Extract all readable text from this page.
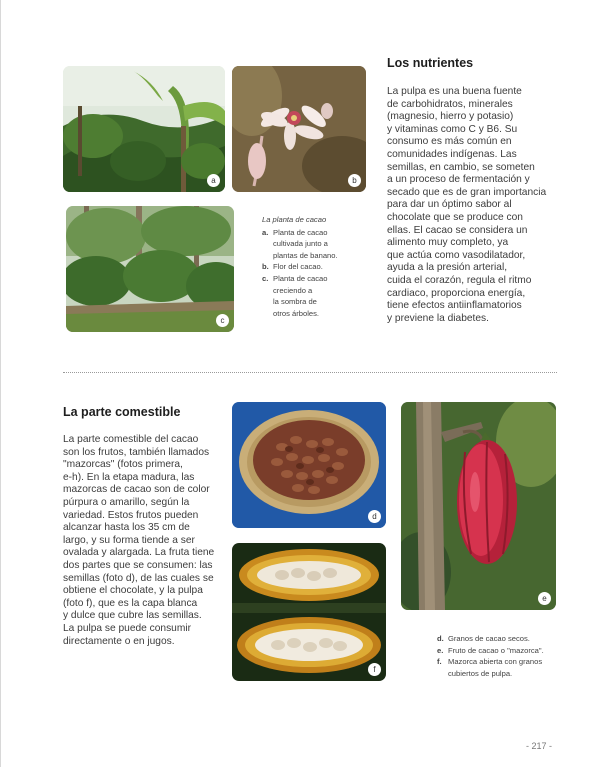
a	b
c
La planta de cacao
a. Planta de cacao
cultivada junto a
plantas de banano.
b. Flor del cacao.
c. Planta de cacao
creciendo a
la sombra de
otros árboles.
Los nutrientes
La pulpa es una buena fuente
de carbohidratos, minerales
(magnesio, hierro y potasio)
y vitaminas como C y B6. Su
consumo es más común en
comunidades indígenas. Las
semillas, en cambio, se someten
a un proceso de fermentación y
secado que es de gran importancia
para dar un óptimo sabor al
chocolate que se produce con
ellas. El cacao se considera un
alimento muy completo, ya
que actúa como vasodilatador,
ayuda a la presión arterial,
cuida el corazón, regula el ritmo
cardiaco, proporciona energía,
tiene efectos antiinflamatorios
y previene la diabetes.
La parte comestible
La parte comestible del cacao
son los frutos, también llamados
"mazorcas" (fotos primera,
e-h). En la etapa madura, las
mazorcas de cacao son de color
púrpura o amarillo, según la
variedad. Estos frutos pueden
alcanzar hasta los 35 cm de
largo, y su forma tiende a ser
ovalada y alargada. La fruta tiene
dos partes que se consumen: las
semillas (foto d), de las cuales se
obtiene el chocolate, y la pulpa
(foto f), que es la capa blanca
y dulce que cubre las semillas.
La pulpa se puede consumir
directamente o en jugos.
d
f
e
d. Granos de cacao secos.
e. Fruto de cacao o "mazorca".
f. Mazorca abierta con granos
cubiertos de pulpa.
- 217 -
